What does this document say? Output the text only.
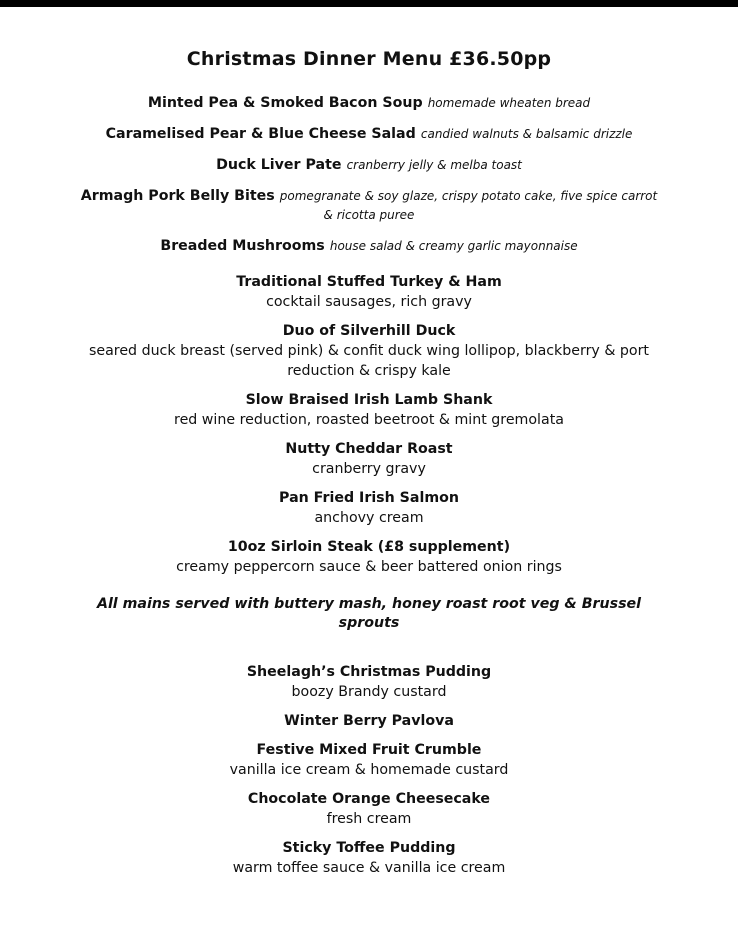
Christmas Dinner Menu £36.50pp
Minted Pea & Smoked Bacon Soup homemade wheaten bread
Caramelised Pear & Blue Cheese Salad candied walnuts & balsamic drizzle
Duck Liver Pate cranberry jelly & melba toast
Armagh Pork Belly Bites pomegranate & soy glaze, crispy potato cake, five spice carrot & ricotta puree
Breaded Mushrooms house salad & creamy garlic mayonnaise
Traditional Stuffed Turkey & Ham
cocktail sausages, rich gravy
Duo of Silverhill Duck
seared duck breast (served pink) & confit duck wing lollipop, blackberry & port reduction & crispy kale
Slow Braised Irish Lamb Shank
red wine reduction, roasted beetroot & mint gremolata
Nutty Cheddar Roast
cranberry gravy
Pan Fried Irish Salmon
anchovy cream
10oz Sirloin Steak (£8 supplement)
creamy peppercorn sauce & beer battered onion rings
All mains served with buttery mash, honey roast root veg & Brussel sprouts
Sheelagh’s Christmas Pudding
boozy Brandy custard
Winter Berry Pavlova
Festive Mixed Fruit Crumble
vanilla ice cream & homemade custard
Chocolate Orange Cheesecake
fresh cream
Sticky Toffee Pudding
warm toffee sauce & vanilla ice cream
